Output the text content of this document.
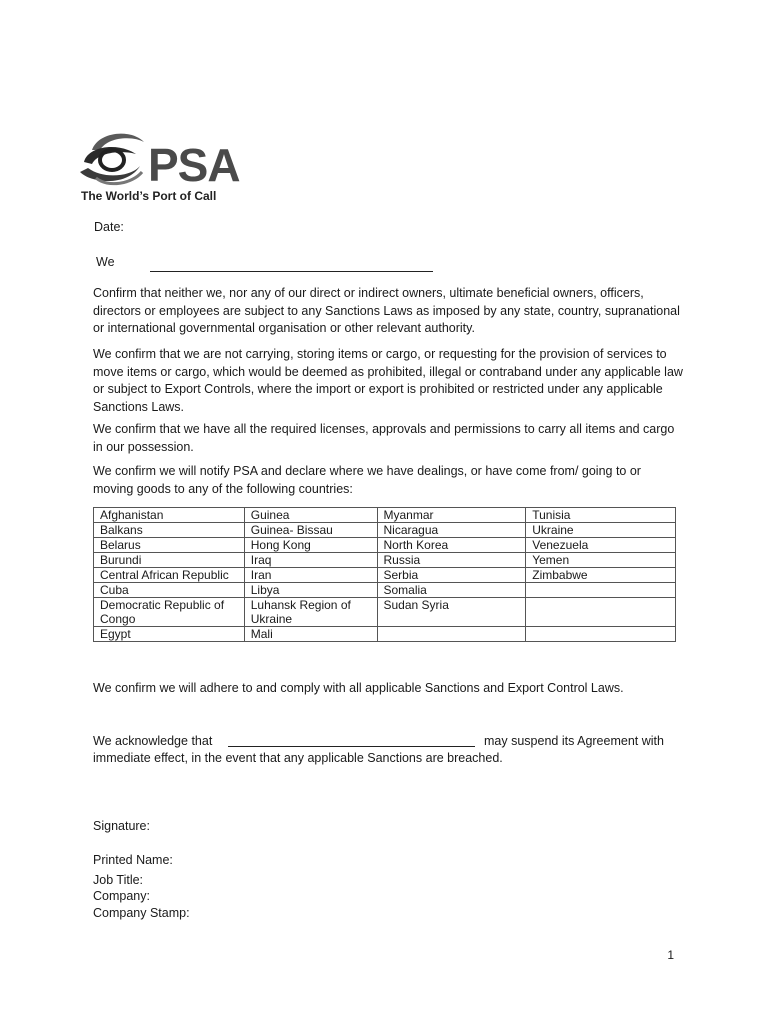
PSA
The World’s Port of Call
Date:
We
Confirm that neither we, nor any of our direct or indirect owners, ultimate beneficial owners, officers, directors or employees are subject to any Sanctions Laws as imposed by any state, country, supranational or international governmental organisation or other relevant authority.
We confirm that we are not carrying, storing items or cargo, or requesting for the provision of services to move items or cargo, which would be deemed as prohibited, illegal or contraband under any applicable law or subject to Export Controls, where the import or export is prohibited or restricted under any applicable Sanctions Laws.
We confirm that we have all the required licenses, approvals and permissions to carry all items and cargo in our possession.
We confirm we will notify PSA and declare where we have dealings, or have come from/ going to or moving goods to any of the following countries:
Afghanistan	Guinea	Myanmar	Tunisia
Balkans	Guinea- Bissau	Nicaragua	Ukraine
Belarus	Hong Kong	North Korea	Venezuela
Burundi	Iraq	Russia	Yemen
Central African Republic	Iran	Serbia	Zimbabwe
Cuba	Libya	Somalia	
Democratic Republic of Congo	Luhansk Region of Ukraine	Sudan Syria	
Egypt	Mali		
We confirm we will adhere to and comply with all applicable Sanctions and Export Control Laws.
We acknowledge that	may suspend its Agreement with
immediate effect, in the event that any applicable Sanctions are breached.
Signature:
Printed Name:
Job Title:
Company:
Company Stamp:
1
